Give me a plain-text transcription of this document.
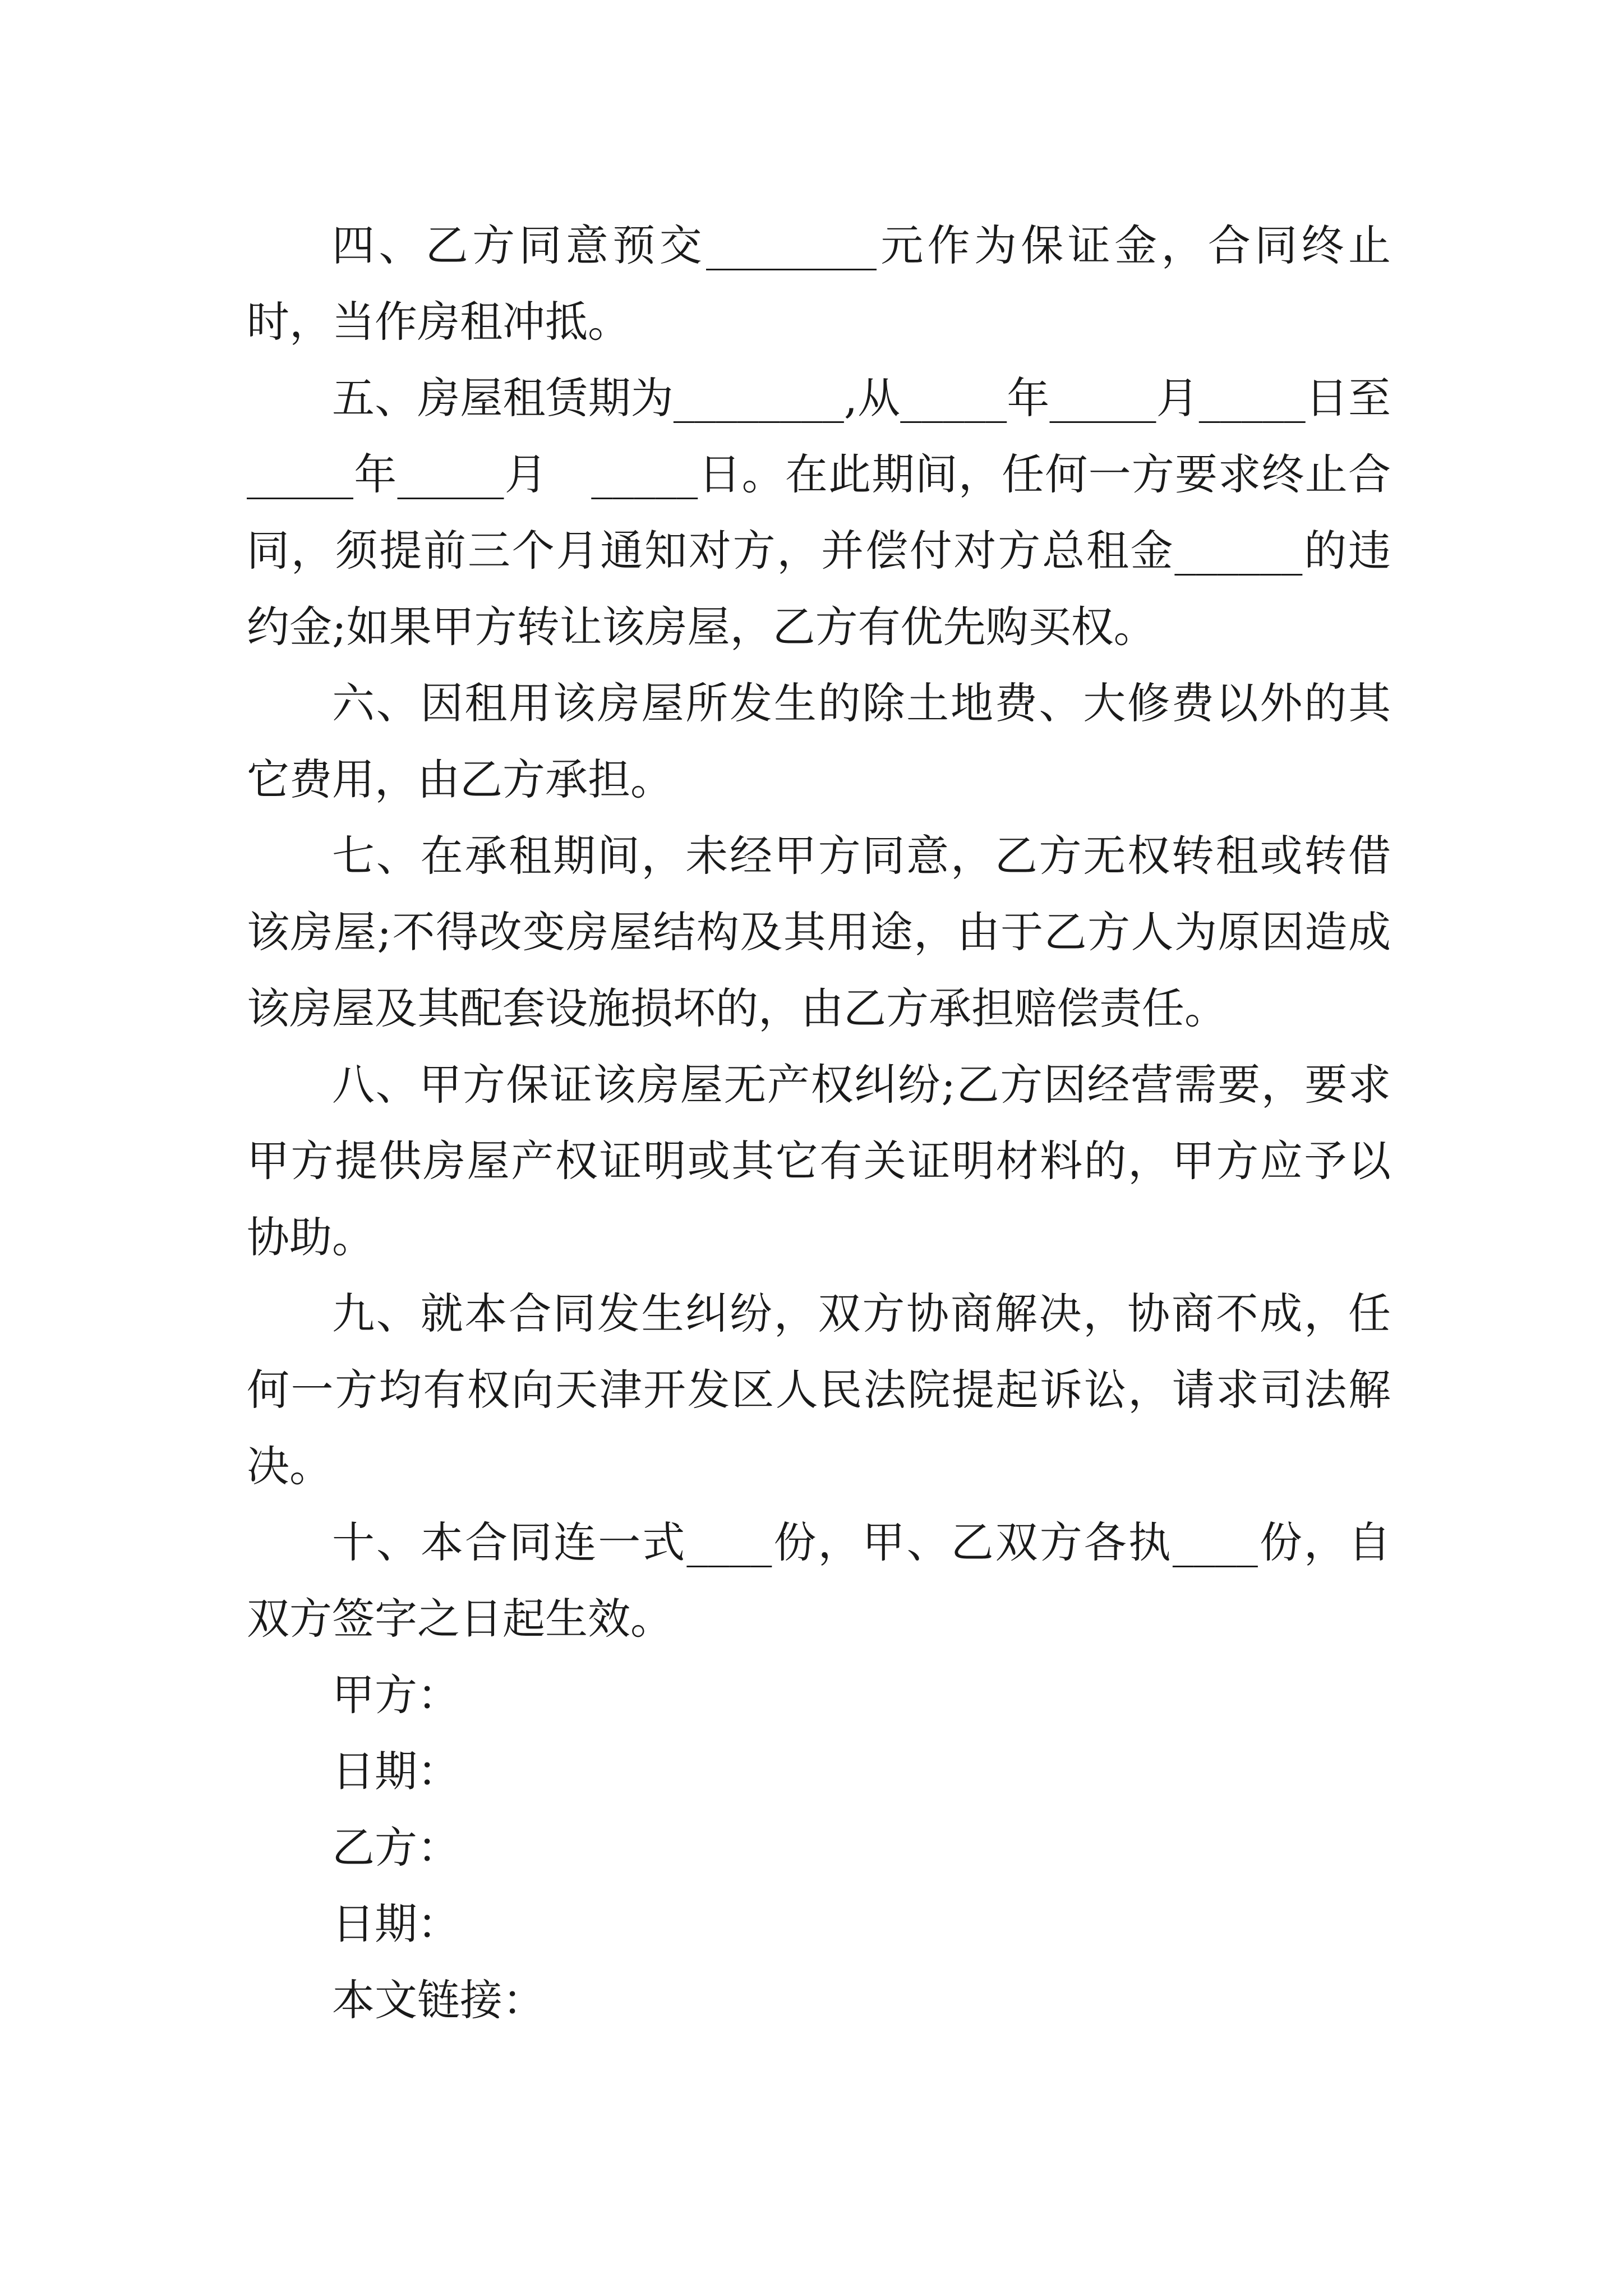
四、乙方同意预交________元作为保证金，合同终止时，当作房租冲抵。

五、房屋租赁期为________,从_____年_____月_____日至_____年_____月　_____日。在此期间，任何一方要求终止合同，须提前三个月通知对方，并偿付对方总租金______的违约金;如果甲方转让该房屋，乙方有优先购买权。

六、因租用该房屋所发生的除土地费、大修费以外的其它费用，由乙方承担。

七、在承租期间，未经甲方同意，乙方无权转租或转借该房屋;不得改变房屋结构及其用途，由于乙方人为原因造成该房屋及其配套设施损坏的，由乙方承担赔偿责任。

八、甲方保证该房屋无产权纠纷;乙方因经营需要，要求甲方提供房屋产权证明或其它有关证明材料的，甲方应予以协助。

九、就本合同发生纠纷，双方协商解决，协商不成，任何一方均有权向天津开发区人民法院提起诉讼，请求司法解决。

十、本合同连一式____份，甲、乙双方各执____份，自双方签字之日起生效。

甲方：

日期：

乙方：

日期：

本文链接：
